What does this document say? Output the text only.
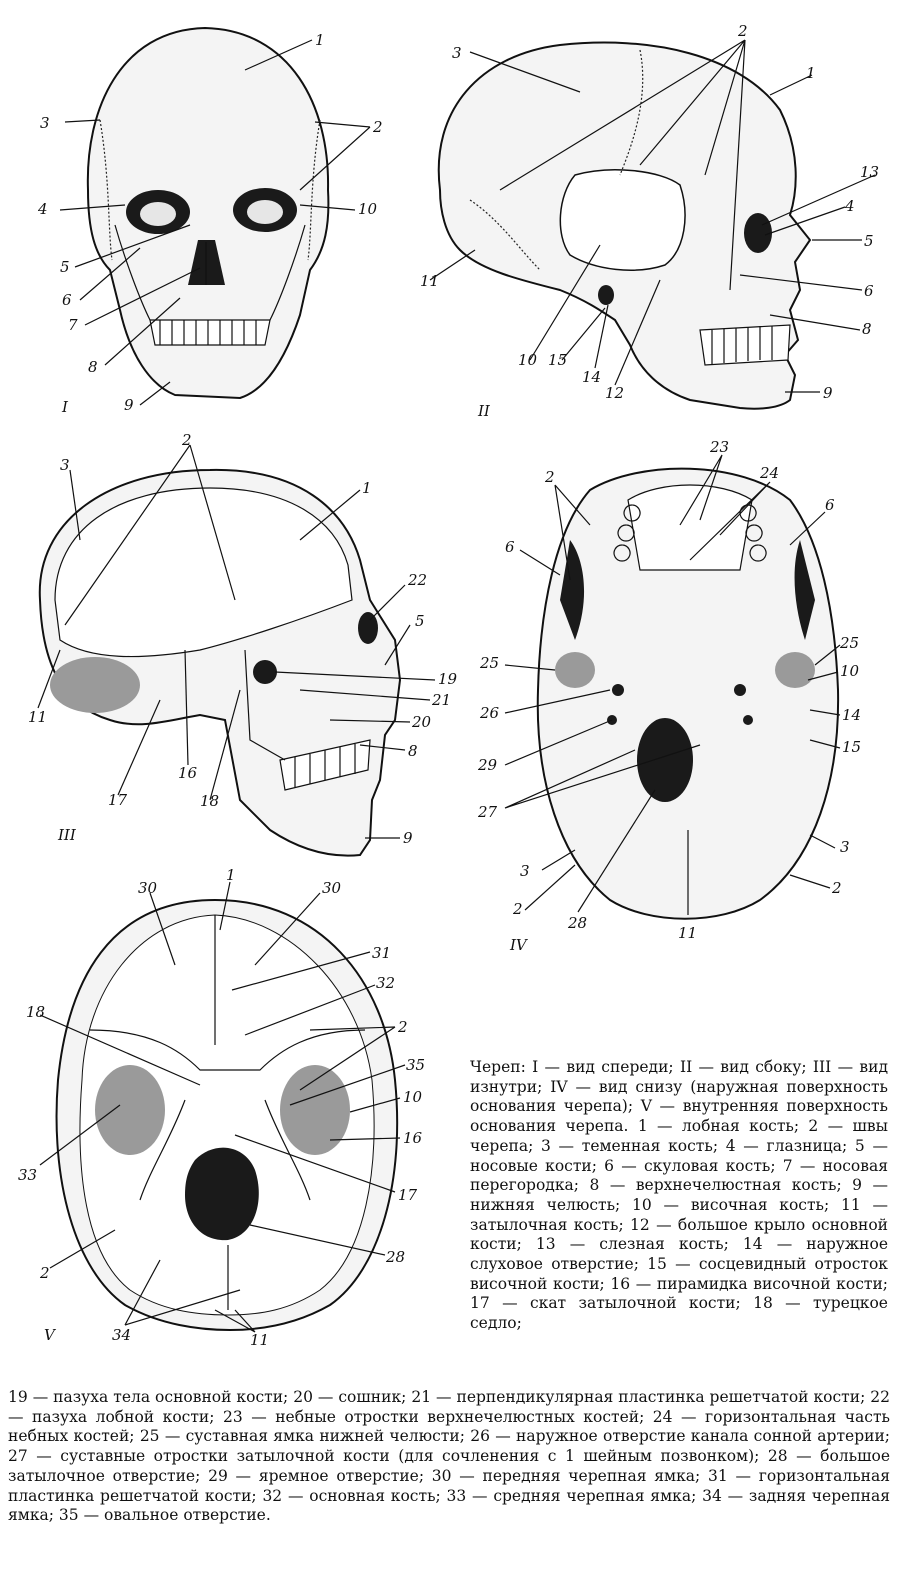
1
3	2
4	10
5
6
7
8
9
I
3
2
1
13
4
5
11
6
8
10 15
14
12	9
II
2
3
1
22
5
19
21
20
8
11
17
16
18
9
III
23
2	24
6
6
25
25
10
26	14
15
29
27
3
3
2
2
28
11
IV
1
30	30
31
32
18
2
35
10
16
33
17
28
2
34	11
V

Череп: I — вид спереди; II — вид сбоку; III — вид изнутри; IV — вид снизу (наружная поверхность основания черепа); V — внутренняя поверхность основания черепа. 1 — лобная кость; 2 — швы черепа; 3 — теменная кость; 4 — глазница; 5 — носовые кости; 6 — скуловая кость; 7 — носовая перегородка; 8 — верхнечелюстная кость; 9 — нижняя челюсть; 10 — височная кость; 11 — затылочная кость; 12 — большое крыло основной кости; 13 — слезная кость; 14 — наружное слуховое отверстие; 15 — сосцевидный отросток височной кости; 16 — пирамидка височной кости; 17 — скат затылочной кости; 18 — турецкое седло;

19 — пазуха тела основной кости; 20 — сошник; 21 — перпендикулярная пластинка решетчатой кости; 22 — пазуха лобной кости; 23 — небные отростки верхнечелюстных костей; 24 — горизонтальная часть небных костей; 25 — суставная ямка нижней челюсти; 26 — наружное отверстие канала сонной артерии; 27 — суставные отростки затылочной кости (для сочленения с 1 шейным позвонком); 28 — большое затылочное отверстие; 29 — яремное отверстие; 30 — передняя черепная ямка; 31 — горизонтальная пластинка решетчатой кости; 32 — основная кость; 33 — средняя черепная ямка; 34 — задняя черепная ямка; 35 — овальное отверстие.
